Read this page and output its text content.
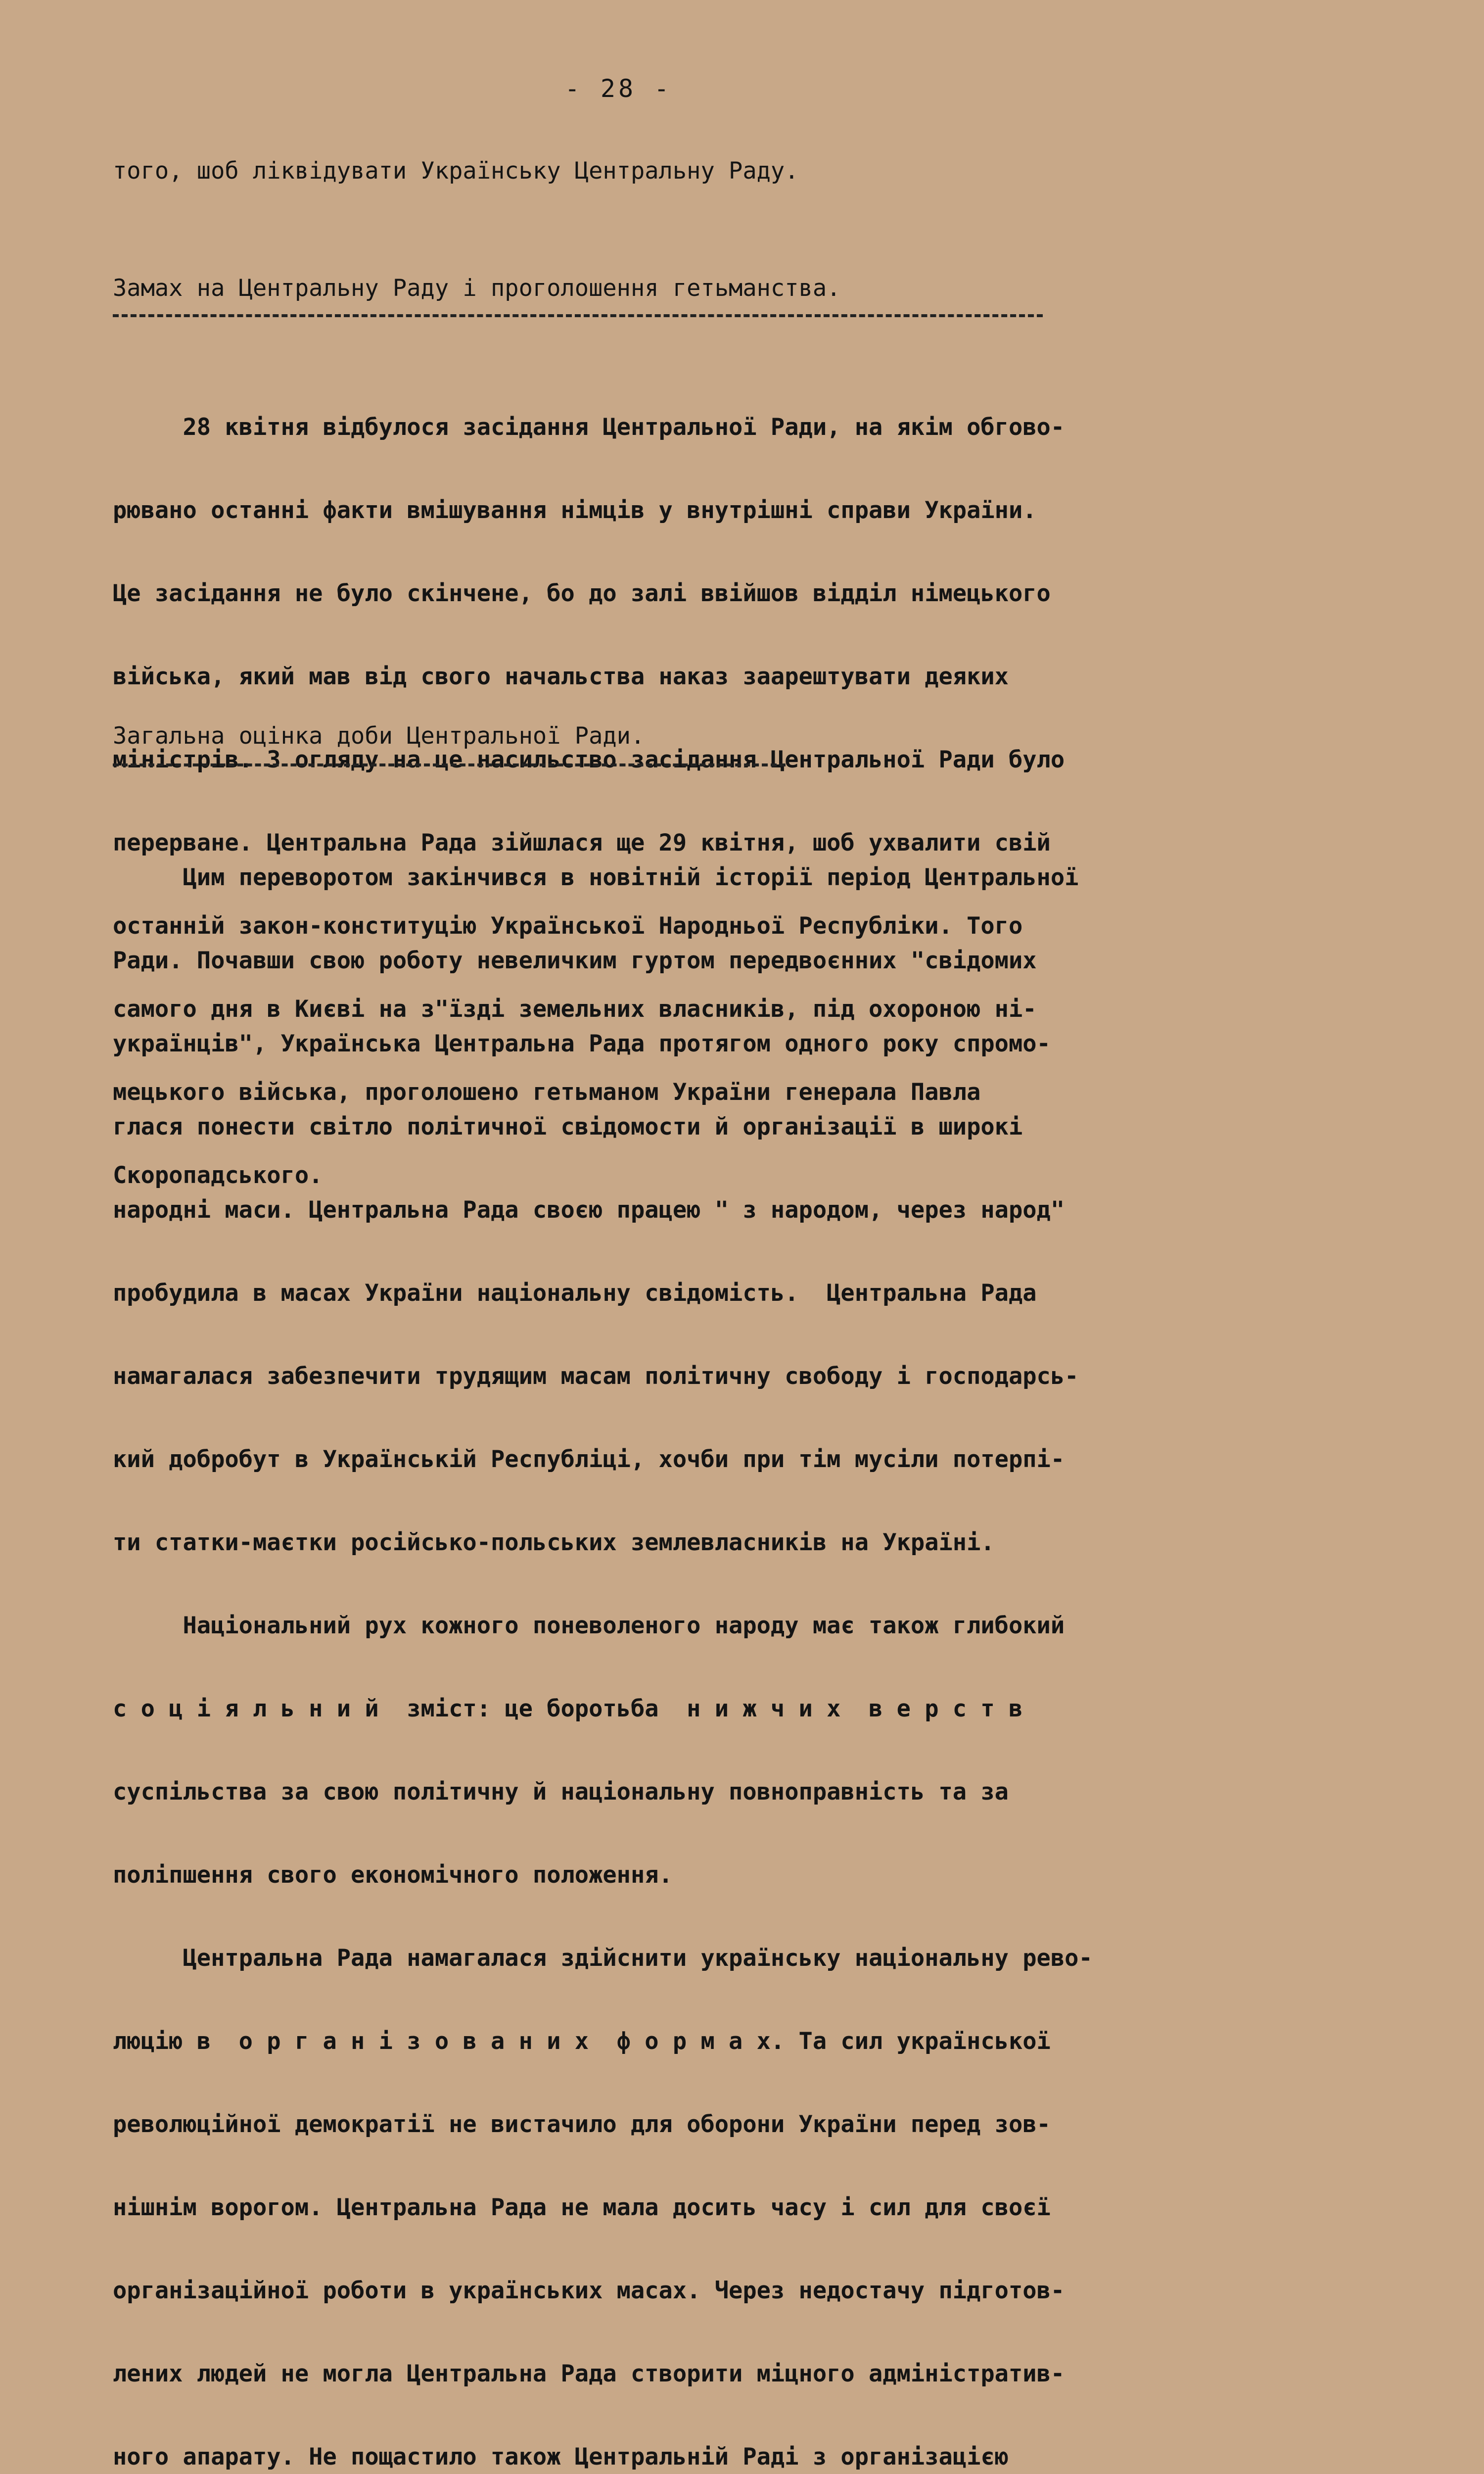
- 28 -
того, шоб ліквідувати Українську Центральну Раду.
Замах на Центральну Раду і проголошення гетьманства.

28 квітня відбулося засідання Центральної Ради, на якім обгово-

рювано останні факти вмішування німців у внутрішні справи України.

Це засідання не було скінчене, бо до залі ввійшов відділ німецького

війська, який мав від свого начальства наказ заарештувати деяких

міністрів. З огляду на це насильство засідання Центральної Ради було

перерване. Центральна Рада зійшлася ще 29 квітня, шоб ухвалити свій

останній закон-конституцію Української Народньої Республіки. Того

самого дня в Києві на з"їзді земельних власників, під охороною ні-

мецького війська, проголошено гетьманом України генерала Павла

Скоропадського.

Загальна оцінка доби Центральної Ради.

Цим переворотом закінчився в новітній історії період Центральної

Ради. Почавши свою роботу невеличким гуртом передвоєнних "свідомих

українців", Українська Центральна Рада протягом одного року спромо-

глася понести світло політичної свідомости й організації в широкі

народні маси. Центральна Рада своєю працею " з народом, через народ"

пробудила в масах України національну свідомість.  Центральна Рада

намагалася забезпечити трудящим масам політичну свободу і господарсь-

кий добробут в Українській Республіці, хочби при тім мусіли потерпі-

ти статки-маєтки російсько-польських землевласників на Україні.

Національний рух кожного поневоленого народу має також глибокий

с о ц і я л ь н и й  зміст: це боротьба  н и ж ч и х  в е р с т в

суспільства за свою політичну й національну повноправність та за

поліпшення свого економічного положення.

Центральна Рада намагалася здійснити українську національну рево-

люцію в  о р г а н і з о в а н и х  ф о р м а х. Та сил української

революційної демократії не вистачило для оборони України перед зов-

нішнім ворогом. Центральна Рада не мала досить часу і сил для своєї

організаційної роботи в українських масах. Через недостачу підготов-

лених людей не могла Центральна Рада створити міцного адміністратив-

ного апарату. Не пощастило також Центральній Раді з організацією
